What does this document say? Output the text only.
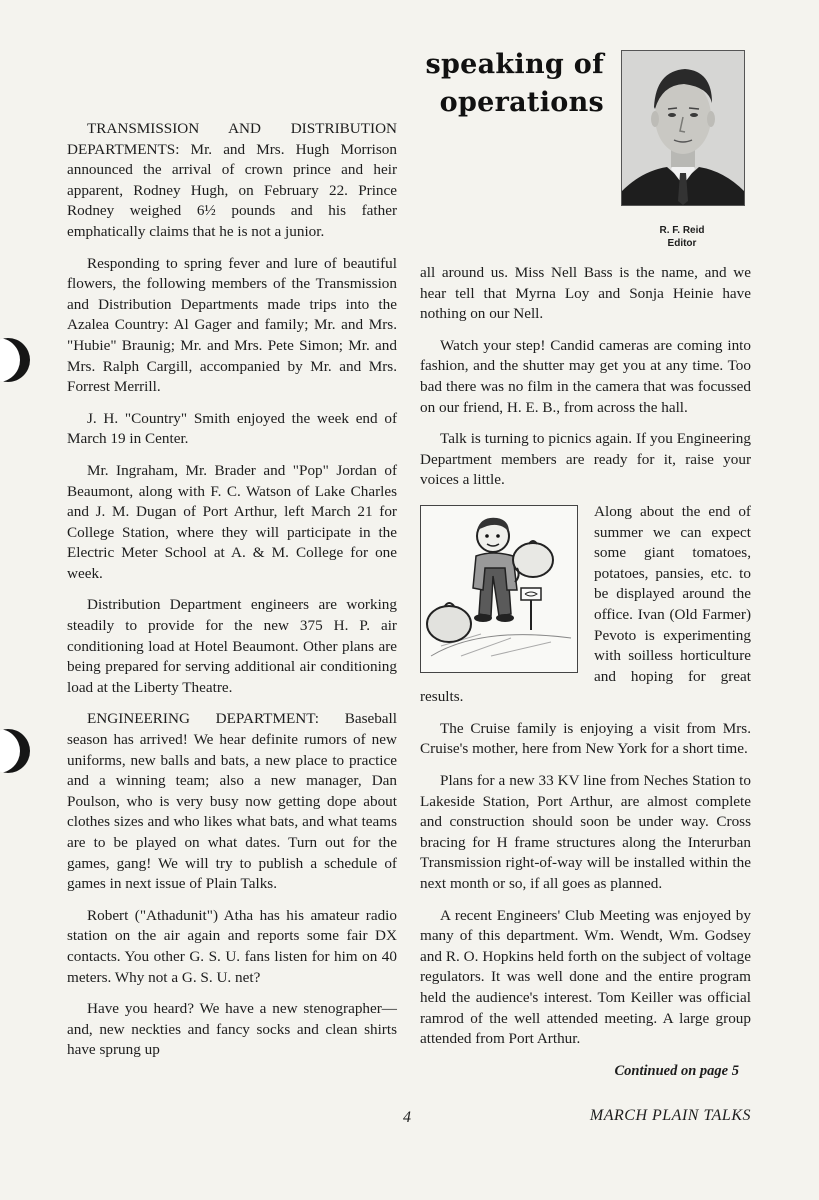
speaking of
operations
R. F. Reid
Editor

TRANSMISSION AND DISTRIBUTION DEPARTMENTS: Mr. and Mrs. Hugh Morrison announced the arrival of crown prince and heir apparent, Rodney Hugh, on February 22. Prince Rodney weighed 6½ pounds and his father emphatically claims that he is not a junior.

Responding to spring fever and lure of beautiful flowers, the following members of the Transmission and Distribution Departments made trips into the Azalea Country: Al Gager and family; Mr. and Mrs. "Hubie" Braunig; Mr. and Mrs. Pete Simon; Mr. and Mrs. Ralph Cargill, accompanied by Mr. and Mrs. Forrest Merrill.

J. H. "Country" Smith enjoyed the week end of March 19 in Center.

Mr. Ingraham, Mr. Brader and "Pop" Jordan of Beaumont, along with F. C. Watson of Lake Charles and J. M. Dugan of Port Arthur, left March 21 for College Station, where they will participate in the Electric Meter School at A. & M. College for one week.

Distribution Department engineers are working steadily to provide for the new 375 H. P. air conditioning load at Hotel Beaumont. Other plans are being prepared for serving additional air conditioning load at the Liberty Theatre.

ENGINEERING DEPARTMENT: Baseball season has arrived! We hear definite rumors of new uniforms, new balls and bats, a new place to practice and a winning team; also a new manager, Dan Poulson, who is very busy now getting dope about clothes sizes and who likes what bats, and what teams are to be played on what dates. Turn out for the games, gang! We will try to publish a schedule of games in next issue of Plain Talks.

Robert ("Athadunit") Atha has his amateur radio station on the air again and reports some fair DX contacts. You other G. S. U. fans listen for him on 40 meters. Why not a G. S. U. net?

Have you heard? We have a new stenographer—and, new neckties and fancy socks and clean shirts have sprung up

all around us. Miss Nell Bass is the name, and we hear tell that Myrna Loy and Sonja Heinie have nothing on our Nell.

Watch your step! Candid cameras are coming into fashion, and the shutter may get you at any time. Too bad there was no film in the camera that was focussed on our friend, H. E. B., from across the hall.

Talk is turning to picnics again. If you Engineering Department members are ready for it, raise your voices a little.

Along about the end of summer we can expect some giant tomatoes, potatoes, pansies, etc. to be displayed around the office. Ivan (Old Farmer) Pevoto is experimenting with soilless horticulture and hoping for great results.

The Cruise family is enjoying a visit from Mrs. Cruise's mother, here from New York for a short time.

Plans for a new 33 KV line from Neches Station to Lakeside Station, Port Arthur, are almost complete and construction should soon be under way. Cross bracing for H frame structures along the Interurban Transmission right-of-way will be installed within the next month or so, if all goes as planned.

A recent Engineers' Club Meeting was enjoyed by many of this department. Wm. Wendt, Wm. Godsey and R. O. Hopkins held forth on the subject of voltage regulators. It was well done and the entire program held the audience's interest. Tom Keiller was official ramrod of the well attended meeting. A large group attended from Port Arthur.

Continued on page 5
4	MARCH PLAIN TALKS
